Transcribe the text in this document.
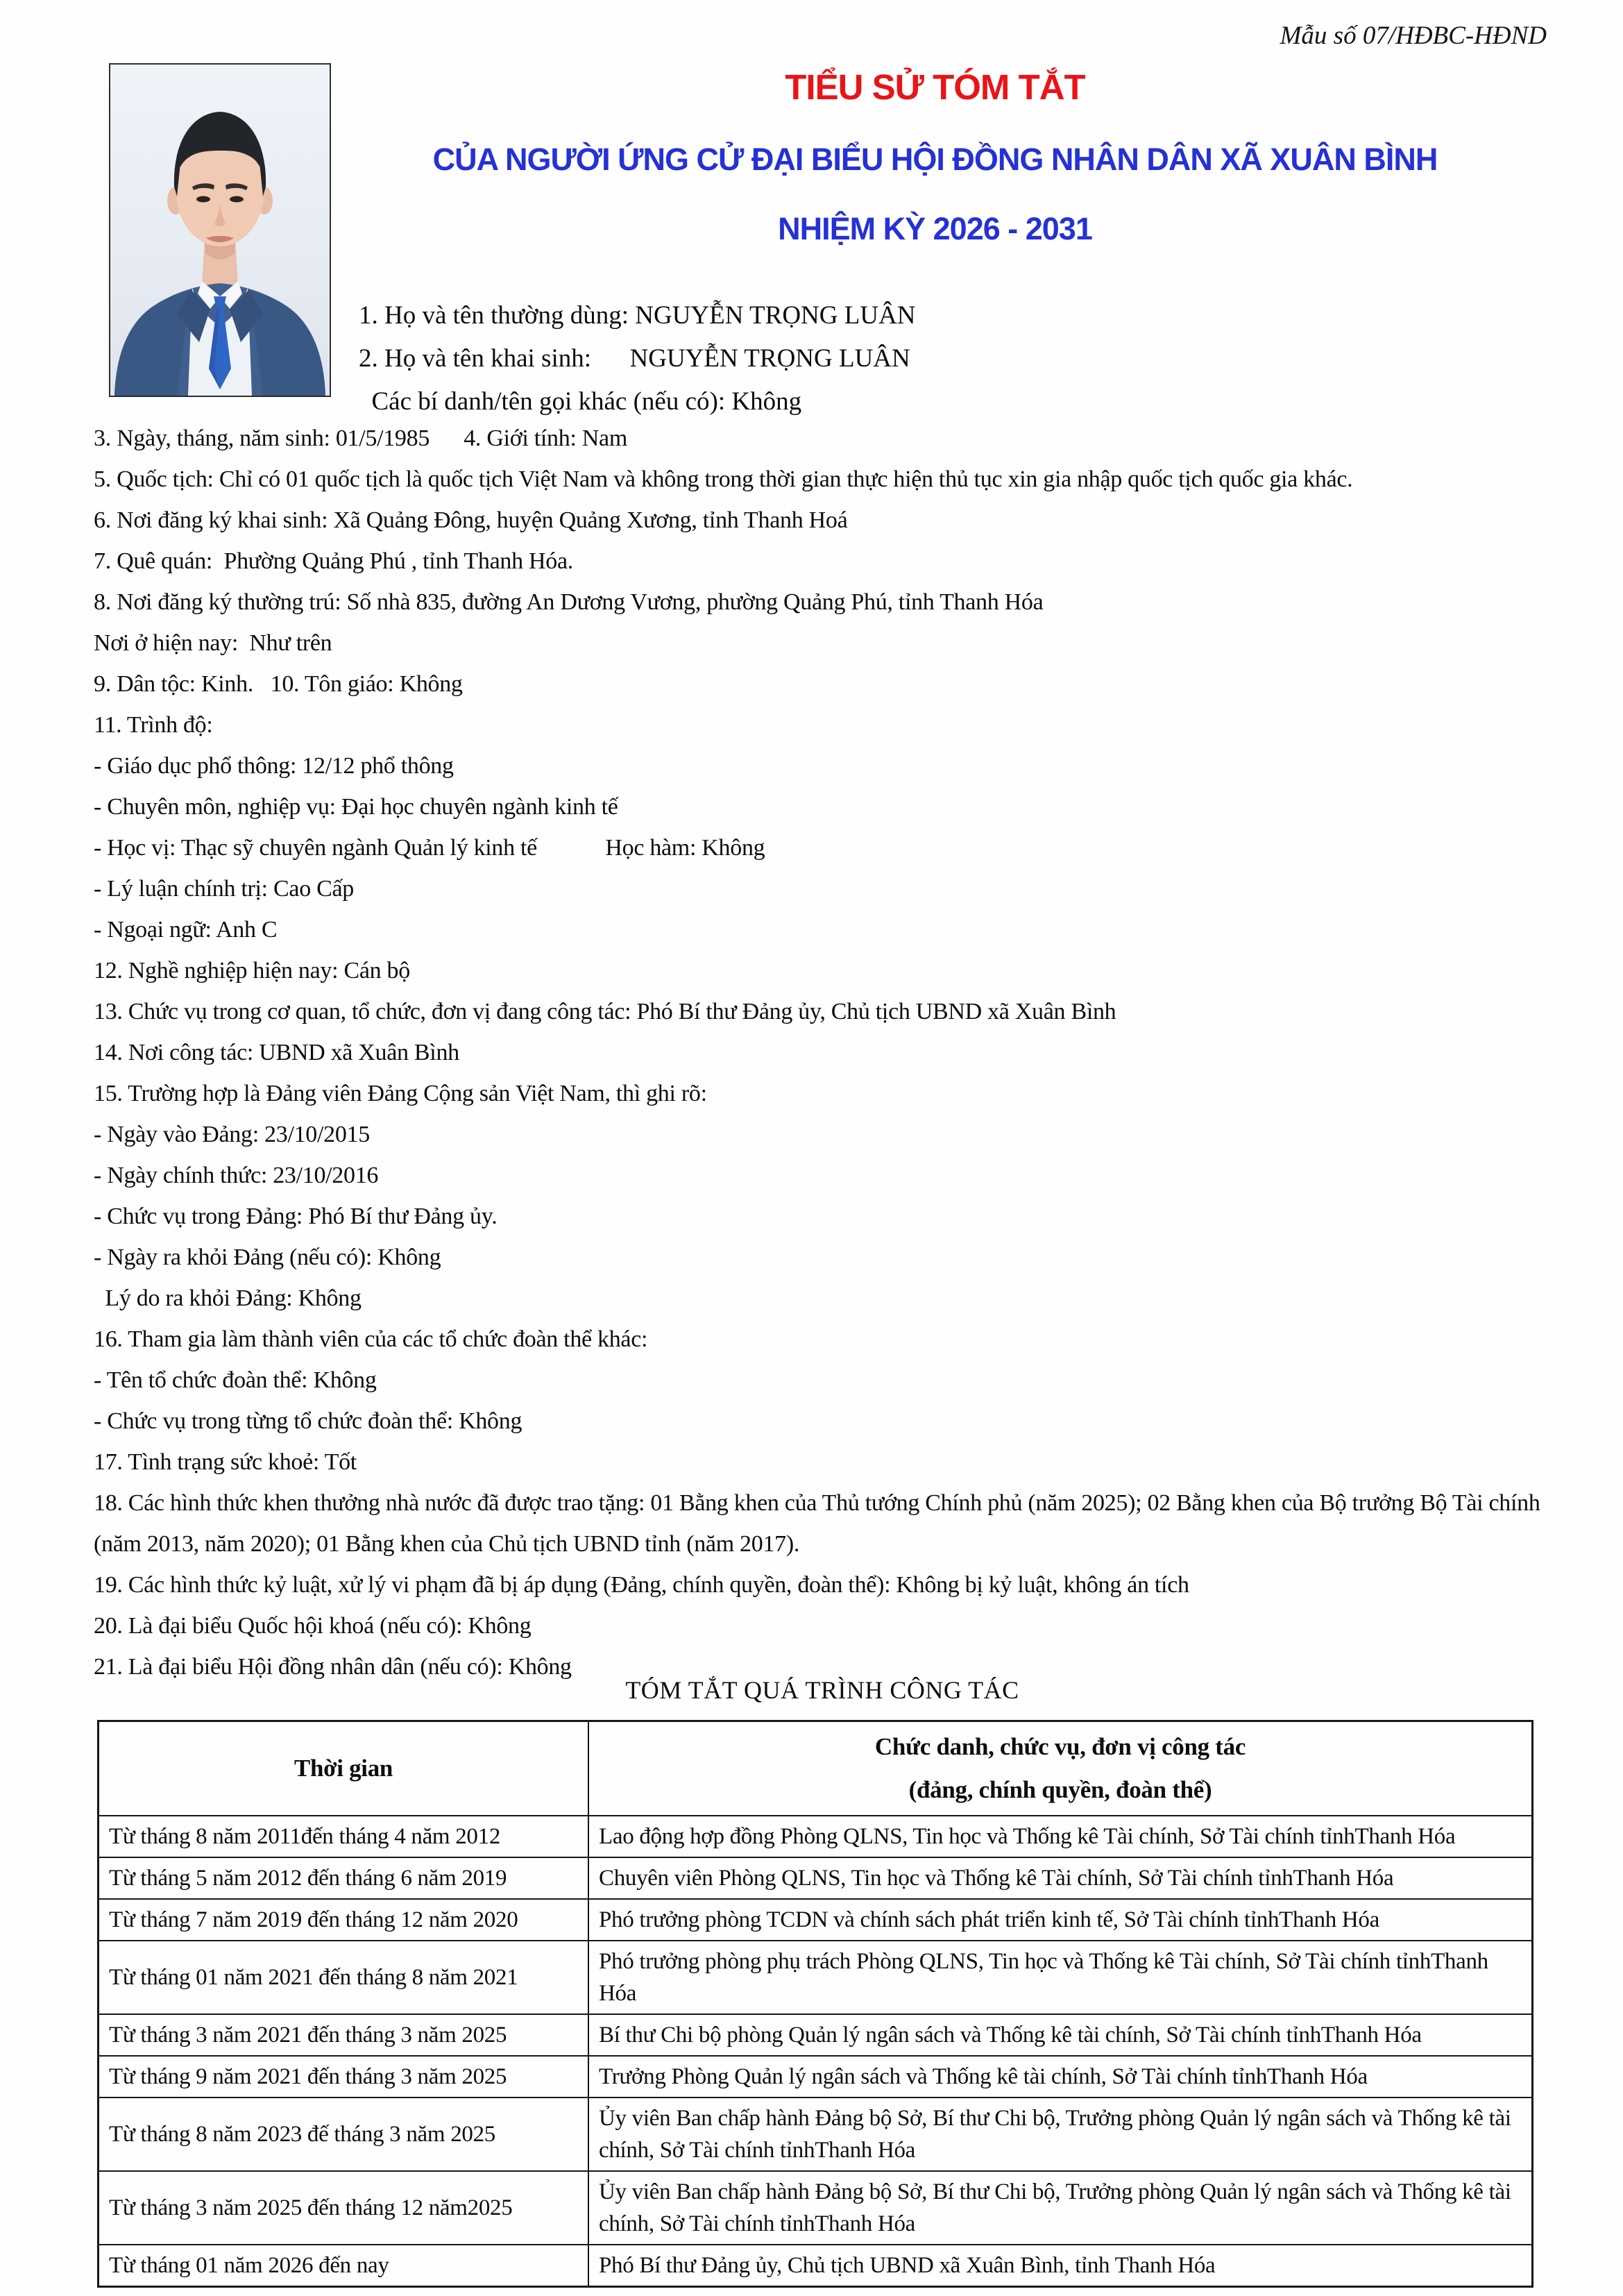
Mẫu số 07/HĐBC-HĐND
TIỂU SỬ TÓM TẮT
CỦA NGƯỜI ỨNG CỬ ĐẠI BIỂU HỘI ĐỒNG NHÂN DÂN XÃ XUÂN BÌNH
NHIỆM KỲ 2026 - 2031

1. Họ và tên thường dùng: NGUYỄN TRỌNG LUÂN

2. Họ và tên khai sinh:      NGUYỄN TRỌNG LUÂN

Các bí danh/tên gọi khác (nếu có): Không

3. Ngày, tháng, năm sinh: 01/5/1985      4. Giới tính: Nam

5. Quốc tịch: Chỉ có 01 quốc tịch là quốc tịch Việt Nam và không trong thời gian thực hiện thủ tục xin gia nhập quốc tịch quốc gia khác.

6. Nơi đăng ký khai sinh: Xã Quảng Đông, huyện Quảng Xương, tỉnh Thanh Hoá

7. Quê quán:  Phường Quảng Phú , tỉnh Thanh Hóa.

8. Nơi đăng ký thường trú: Số nhà 835, đường An Dương Vương, phường Quảng Phú, tỉnh Thanh Hóa

Nơi ở hiện nay:  Như trên

9. Dân tộc: Kinh.   10. Tôn giáo: Không

11. Trình độ:

- Giáo dục phổ thông: 12/12 phổ thông

- Chuyên môn, nghiệp vụ: Đại học chuyên ngành kinh tế

- Học vị: Thạc sỹ chuyên ngành Quản lý kinh tế            Học hàm: Không

- Lý luận chính trị: Cao Cấp

- Ngoại ngữ: Anh C

12. Nghề nghiệp hiện nay: Cán bộ

13. Chức vụ trong cơ quan, tổ chức, đơn vị đang công tác: Phó Bí thư Đảng ủy, Chủ tịch UBND xã Xuân Bình

14. Nơi công tác: UBND xã Xuân Bình

15. Trường hợp là Đảng viên Đảng Cộng sản Việt Nam, thì ghi rõ:

- Ngày vào Đảng: 23/10/2015

- Ngày chính thức: 23/10/2016

- Chức vụ trong Đảng: Phó Bí thư Đảng ủy.

- Ngày ra khỏi Đảng (nếu có): Không

Lý do ra khỏi Đảng: Không

16. Tham gia làm thành viên của các tổ chức đoàn thể khác:

- Tên tổ chức đoàn thể: Không

- Chức vụ trong từng tổ chức đoàn thể: Không

17. Tình trạng sức khoẻ: Tốt

18. Các hình thức khen thưởng nhà nước đã được trao tặng: 01 Bằng khen của Thủ tướng Chính phủ (năm 2025); 02 Bằng khen của Bộ trưởng Bộ Tài chính (năm 2013, năm 2020); 01 Bằng khen của Chủ tịch UBND tỉnh (năm 2017).

19. Các hình thức kỷ luật, xử lý vi phạm đã bị áp dụng (Đảng, chính quyền, đoàn thể): Không bị kỷ luật, không án tích

20. Là đại biểu Quốc hội khoá (nếu có): Không

21. Là đại biểu Hội đồng nhân dân (nếu có): Không

TÓM TẮT QUÁ TRÌNH CÔNG TÁC
Thời gian	Chức danh, chức vụ, đơn vị công tác
(đảng, chính quyền, đoàn thể)

Từ tháng 8 năm 2011đến tháng 4 năm 2012	Lao động hợp đồng Phòng QLNS, Tin học và Thống kê Tài chính, Sở Tài chính tỉnhThanh Hóa
Từ tháng 5 năm 2012 đến tháng 6 năm 2019	Chuyên viên Phòng QLNS, Tin học và Thống kê Tài chính, Sở Tài chính tỉnhThanh Hóa
Từ tháng 7 năm 2019 đến tháng 12 năm 2020	Phó trưởng phòng TCDN và chính sách phát triển kinh tế, Sở Tài chính tỉnhThanh Hóa
Từ tháng 01 năm 2021 đến tháng 8 năm 2021	Phó trưởng phòng phụ trách Phòng QLNS, Tin học và Thống kê Tài chính, Sở Tài chính tỉnhThanh Hóa
Từ tháng 3 năm 2021 đến tháng 3 năm 2025	Bí thư Chi bộ phòng Quản lý ngân sách và Thống kê tài chính, Sở Tài chính tỉnhThanh Hóa
Từ tháng 9 năm 2021 đến tháng 3 năm 2025	Trưởng Phòng Quản lý ngân sách và Thống kê tài chính, Sở Tài chính tỉnhThanh Hóa
Từ tháng 8 năm 2023 đế tháng 3 năm 2025	Ủy viên Ban chấp hành Đảng bộ Sở, Bí thư Chi bộ, Trưởng phòng Quản lý ngân sách và Thống kê tài chính, Sở Tài chính tỉnhThanh Hóa
Từ tháng 3 năm 2025 đến tháng 12 năm2025	Ủy viên Ban chấp hành Đảng bộ Sở, Bí thư Chi bộ, Trưởng phòng Quản lý ngân sách và Thống kê tài chính, Sở Tài chính tỉnhThanh Hóa
Từ tháng 01 năm 2026 đến nay	Phó Bí thư Đảng ủy, Chủ tịch UBND xã Xuân Bình, tỉnh Thanh Hóa
